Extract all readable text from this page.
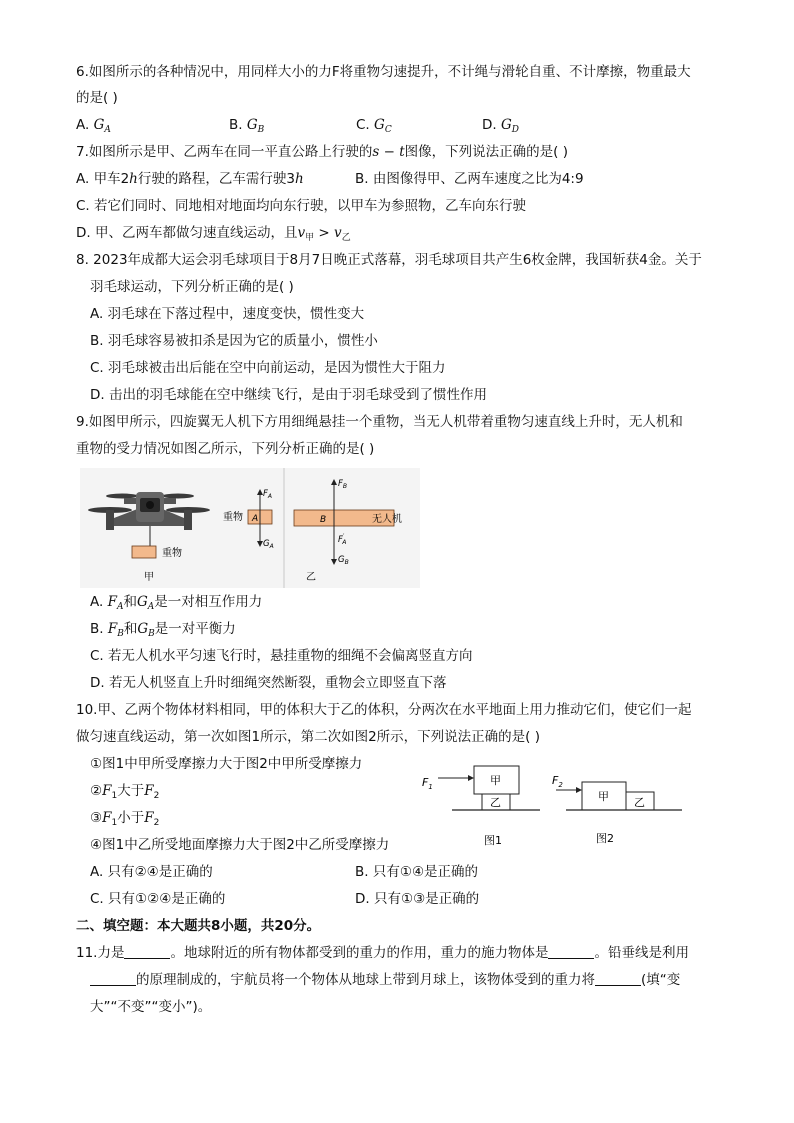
6.如图所示的各种情况中，用同样大小的力F将重物匀速提升，不计绳与滑轮自重、不计摩擦，物重最大
的是( )
A. $G_A$	B. $G_B$	C. $G_C$	D. $G_D$
7.如图所示是甲、乙两车在同一平直公路上行驶的s − t图像，下列说法正确的是( )
A. 甲车2h行驶的路程，乙车需行驶3h	B. 由图像得甲、乙两车速度之比为4:9
C. 若它们同时、同地相对地面均向东行驶，以甲车为参照物，乙车向东行驶
D. 甲、乙两车都做匀速直线运动，且$v_甲 > v_乙$
8. 2023年成都大运会羽毛球项目于8月7日晚正式落幕，羽毛球项目共产生6枚金牌，我国斩获4金。关于
羽毛球运动，下列分析正确的是( )
A. 羽毛球在下落过程中，速度变快，惯性变大
B. 羽毛球容易被扣杀是因为它的质量小，惯性小
C. 羽毛球被击出后能在空中向前运动，是因为惯性大于阻力
D. 击出的羽毛球能在空中继续飞行，是由于羽毛球受到了惯性作用
9.如图甲所示，四旋翼无人机下方用细绳悬挂一个重物，当无人机带着重物匀速直线上升时，无人机和
重物的受力情况如图乙所示，下列分析正确的是( )
重物
甲
重物 A
$F_A$
$G_A$
B	无人机
$F_B$
F′ A
$G_B$
乙
A. $F_A$和$G_A$是一对相互作用力
B. $F_B$和$G_B$是一对平衡力
C. 若无人机水平匀速飞行时，悬挂重物的细绳不会偏离竖直方向
D. 若无人机竖直上升时细绳突然断裂，重物会立即竖直下落
10.甲、乙两个物体材料相同，甲的体积大于乙的体积，分两次在水平地面上用力推动它们，使它们一起
做匀速直线运动，第一次如图1所示，第二次如图2所示，下列说法正确的是( )
①图1中甲所受摩擦力大于图2中甲所受摩擦力
$②F_1$大于$F_2$
$③F_1$小于$F_2$
④图1中乙所受地面摩擦力大于图2中乙所受摩擦力
$F_1$	甲
乙
图1
$F_2$
甲 乙
图2
A. 只有②④是正确的	B. 只有①④是正确的
C. 只有①②④是正确的	D. 只有①③是正确的
二、填空题：本大题共8小题，共20分。
11.力是	。地球附近的所有物体都受到的重力的作用，重力的施力物体是	。铅垂线是利用
的原理制成的，宇航员将一个物体从地球上带到月球上，该物体受到的重力将	(填“变
大”“不变”“变小”)。
